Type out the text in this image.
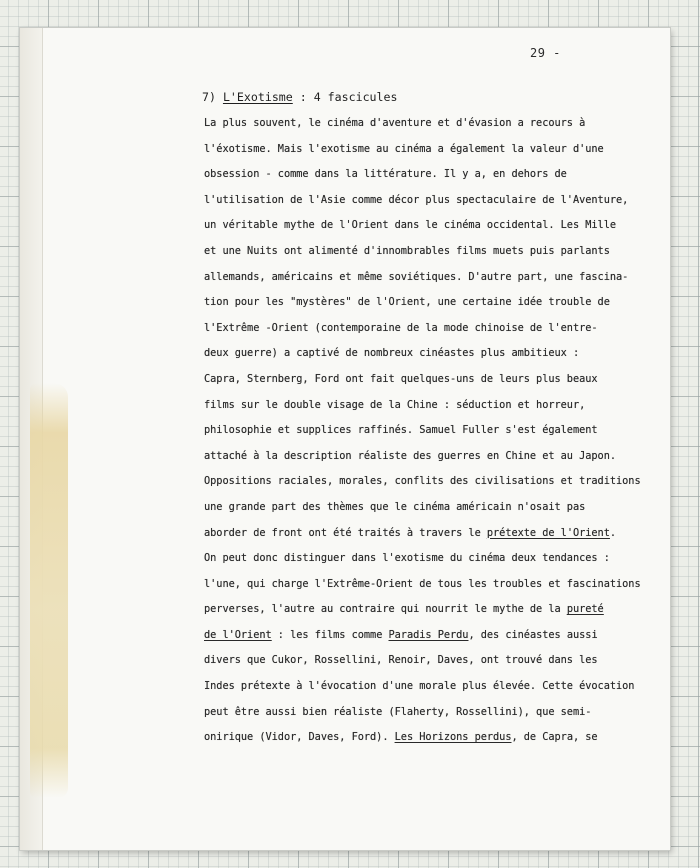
29 -
7) L'Exotisme : 4 fascicules
La plus souvent, le cinéma d'aventure et d'évasion a recours à
l'éxotisme. Mais l'exotisme au cinéma a également la valeur d'une
obsession - comme dans la littérature. Il y a, en dehors de
l'utilisation de l'Asie comme décor plus spectaculaire de l'Aventure,
un véritable mythe de l'Orient dans le cinéma occidental. Les Mille
et une Nuits ont alimenté d'innombrables films muets puis parlants
allemands, américains et même soviétiques. D'autre part, une fascina-
tion pour les "mystères" de l'Orient, une certaine idée trouble de
l'Extrême -Orient (contemporaine de la mode chinoise de l'entre-
deux guerre) a captivé de nombreux cinéastes plus ambitieux :
Capra, Sternberg, Ford ont fait quelques-uns de leurs plus beaux
films sur le double visage de la Chine : séduction et horreur,
philosophie et supplices raffinés. Samuel Fuller s'est également
attaché à la description réaliste des guerres en Chine et au Japon.
Oppositions raciales, morales, conflits des civilisations et traditions
une grande part des thèmes que le cinéma américain n'osait pas
aborder de front ont été traités à travers le prétexte de l'Orient.
On peut donc distinguer dans l'exotisme du cinéma deux tendances :
l'une, qui charge l'Extrême-Orient de tous les troubles et fascinations
perverses, l'autre au contraire qui nourrit le mythe de la pureté
de l'Orient : les films comme Paradis Perdu, des cinéastes aussi
divers que Cukor, Rossellini, Renoir, Daves, ont trouvé dans les
Indes prétexte à l'évocation d'une morale plus élevée. Cette évocation
peut être aussi bien réaliste (Flaherty, Rossellini), que semi-
onirique (Vidor, Daves, Ford). Les Horizons perdus, de Capra, se
